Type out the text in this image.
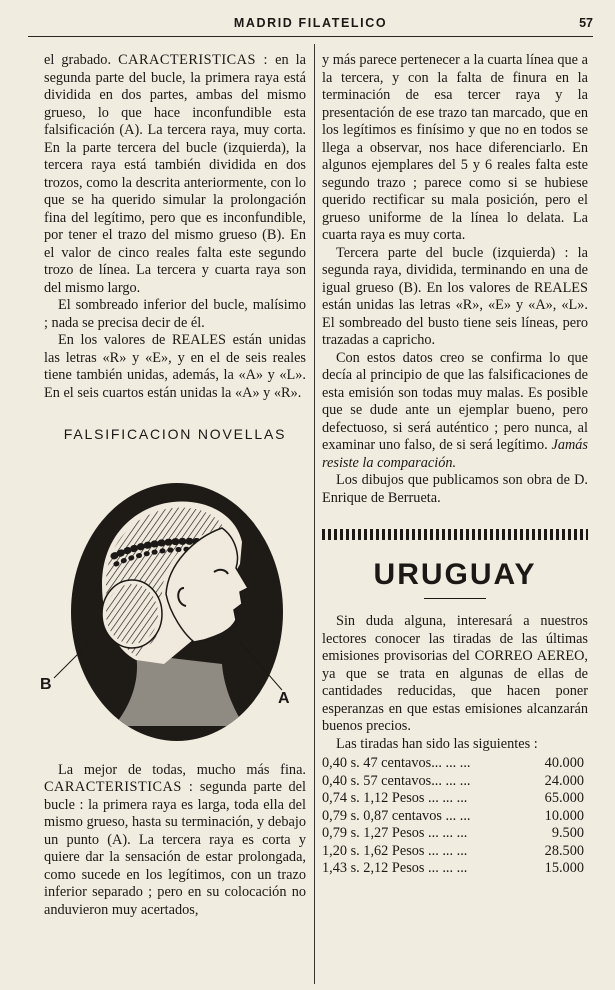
MADRID FILATELICO	57

el grabado. CARACTERISTICAS : en la segunda parte del bucle, la primera raya está dividida en dos partes, ambas del mismo grueso, lo que hace inconfundible esta falsificación (A). La tercera raya, muy corta. En la parte tercera del bucle (izquierda), la tercera raya está también dividida en dos trozos, como la descrita anteriormente, con lo que se ha querido simular la prolongación fina del legítimo, pero que es inconfundible, por tener el trazo del mismo grueso (B). En el valor de cinco reales falta este segundo trozo de línea. La tercera y cuarta raya son del mismo largo.

El sombreado inferior del bucle, malísimo ; nada se precisa decir de él.

En los valores de REALES están unidas las letras «R» y «E», y en el de seis reales tiene también unidas, además, la «A» y «L». En el seis cuartos están unidas la «A» y «R».

FALSIFICACION NOVELLAS
B
A

La mejor de todas, mucho más fina. CARACTERISTICAS : segunda parte del bucle : la primera raya es larga, toda ella del mismo grueso, hasta su terminación, y debajo un punto (A). La tercera raya es corta y quiere dar la sensación de estar prolongada, como sucede en los legítimos, con un trazo inferior separado ; pero en su colocación no anduvieron muy acertados,

y más parece pertenecer a la cuarta línea que a la tercera, y con la falta de finura en la terminación de esa tercer raya y la presentación de ese trazo tan marcado, que en los legítimos es finísimo y que no en todos se llega a observar, nos hace diferenciarlo. En algunos ejemplares del 5 y 6 reales falta este segundo trazo ; parece como si se hubiese querido rectificar su mala posición, pero el grueso uniforme de la línea lo delata. La cuarta raya es muy corta.

Tercera parte del bucle (izquierda) : la segunda raya, dividida, terminando en una de igual grueso (B). En los valores de REALES están unidas las letras «R», «E» y «A», «L». El sombreado del busto tiene seis líneas, pero trazadas a capricho.

Con estos datos creo se confirma lo que decía al principio de que las falsificaciones de esta emisión son todas muy malas. Es posible que se dude ante un ejemplar bueno, pero defectuoso, si será auténtico ; pero nunca, al examinar uno falso, de si será legítimo. Jamás resiste la comparación.

Los dibujos que publicamos son obra de D. Enrique de Berrueta.

URUGUAY

Sin duda alguna, interesará a nuestros lectores conocer las tiradas de las últimas emisiones provisorias del CORREO AEREO, ya que se trata en algunas de ellas de cantidades reducidas, que hacen poner esperanzas en que estas emisiones alcanzarán buenos precios.

Las tiradas han sido las siguientes :

0,40 s. 47 centavos... ... ...	40.000
0,40 s. 57 centavos... ... ...	24.000
0,74 s. 1,12 Pesos ... ... ...	65.000
0,79 s. 0,87 centavos ... ...	10.000
0,79 s. 1,27 Pesos ... ... ...	9.500
1,20 s. 1,62 Pesos ... ... ...	28.500
1,43 s. 2,12 Pesos ... ... ...	15.000
